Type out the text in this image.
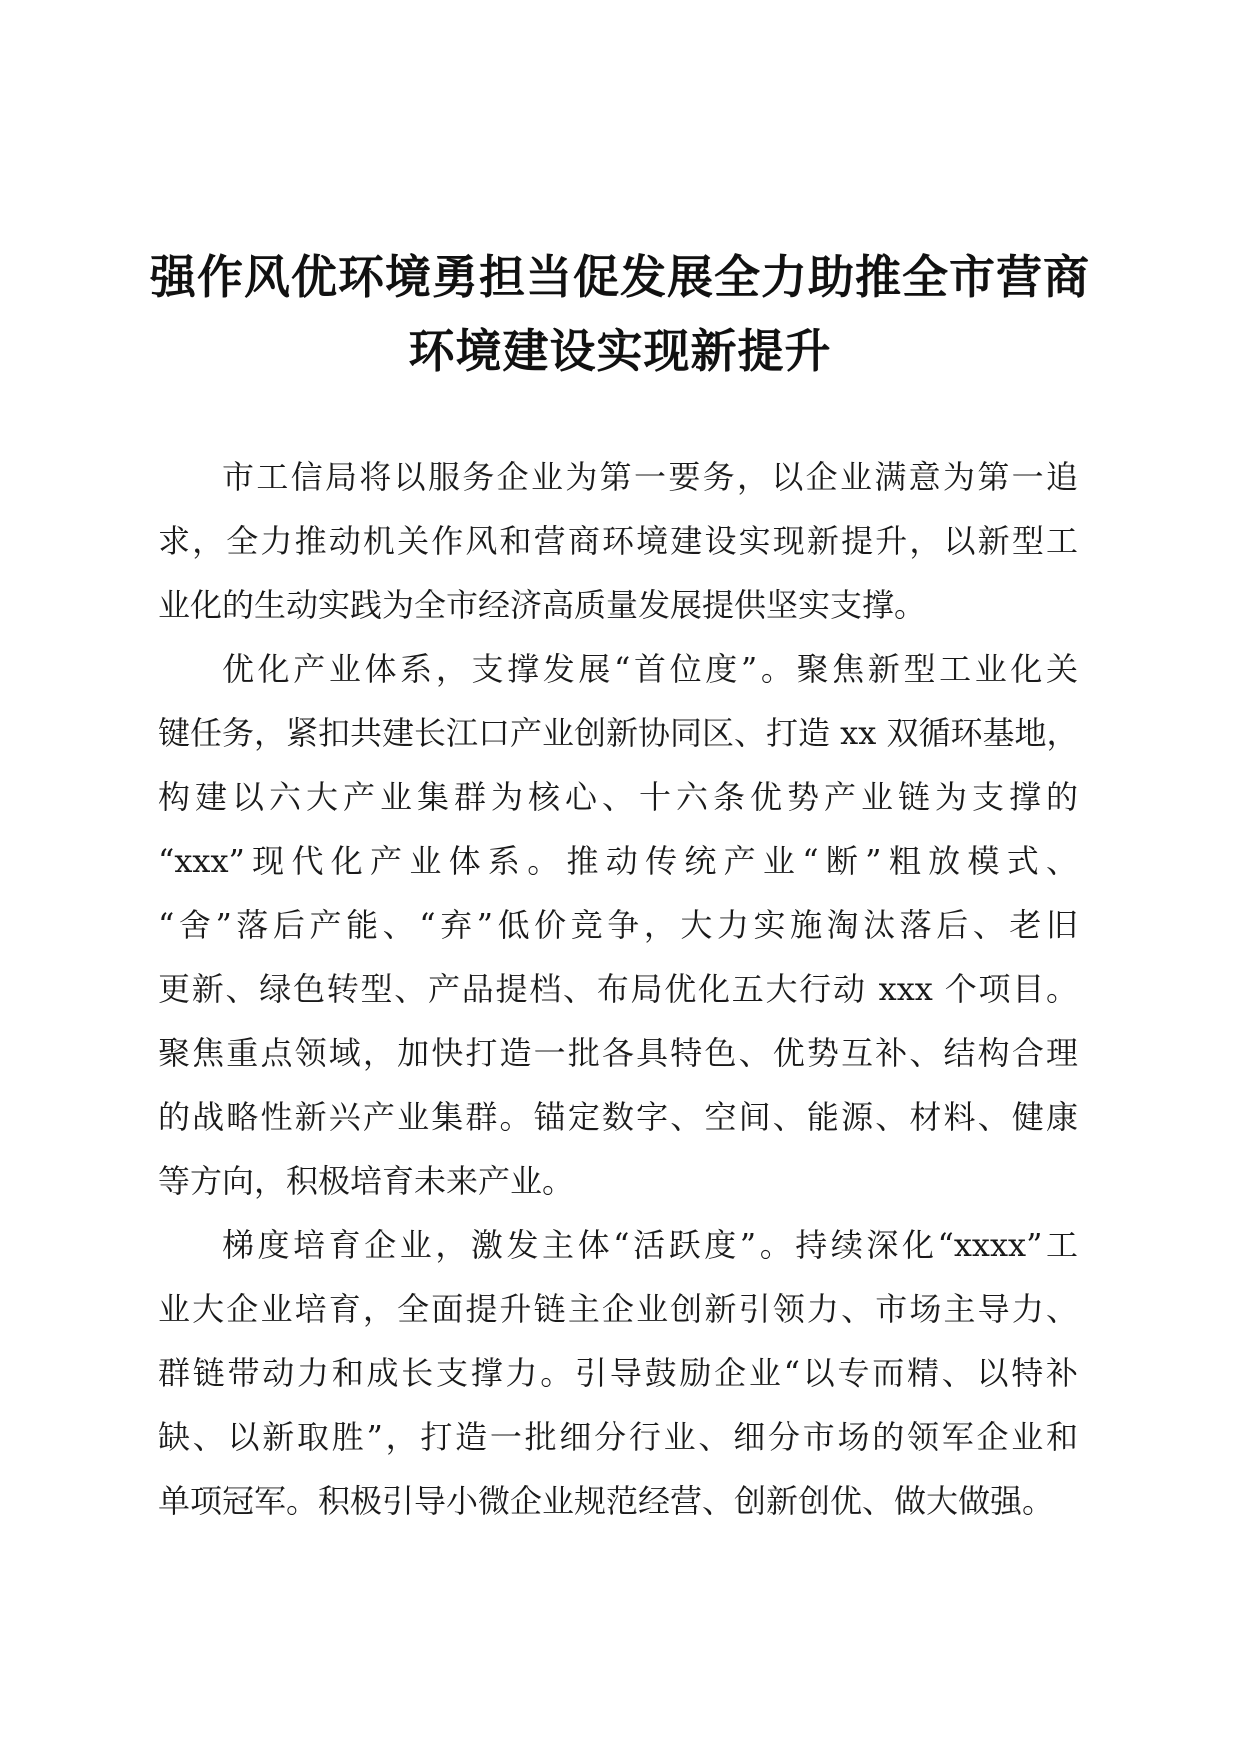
强作风优环境勇担当促发展全力助推全市营商
环境建设实现新提升
市工信局将以服务企业为第一要务，以企业满意为第一追
求，全力推动机关作风和营商环境建设实现新提升，以新型工
业化的生动实践为全市经济高质量发展提供坚实支撑。
优化产业体系，支撑发展“首位度”。聚焦新型工业化关
键任务，紧扣共建长江口产业创新协同区、打造 xx 双循环基地，
构建以六大产业集群为核心、十六条优势产业链为支撑的
“xxx”现代化产业体系。推动传统产业“断”粗放模式、
“舍”落后产能、“弃”低价竞争，大力实施淘汰落后、老旧
更新、绿色转型、产品提档、布局优化五大行动 xxx 个项目。
聚焦重点领域，加快打造一批各具特色、优势互补、结构合理
的战略性新兴产业集群。锚定数字、空间、能源、材料、健康
等方向，积极培育未来产业。
梯度培育企业，激发主体“活跃度”。持续深化“xxxx”工
业大企业培育，全面提升链主企业创新引领力、市场主导力、
群链带动力和成长支撑力。引导鼓励企业“以专而精、以特补
缺、以新取胜”，打造一批细分行业、细分市场的领军企业和
单项冠军。积极引导小微企业规范经营、创新创优、做大做强。
